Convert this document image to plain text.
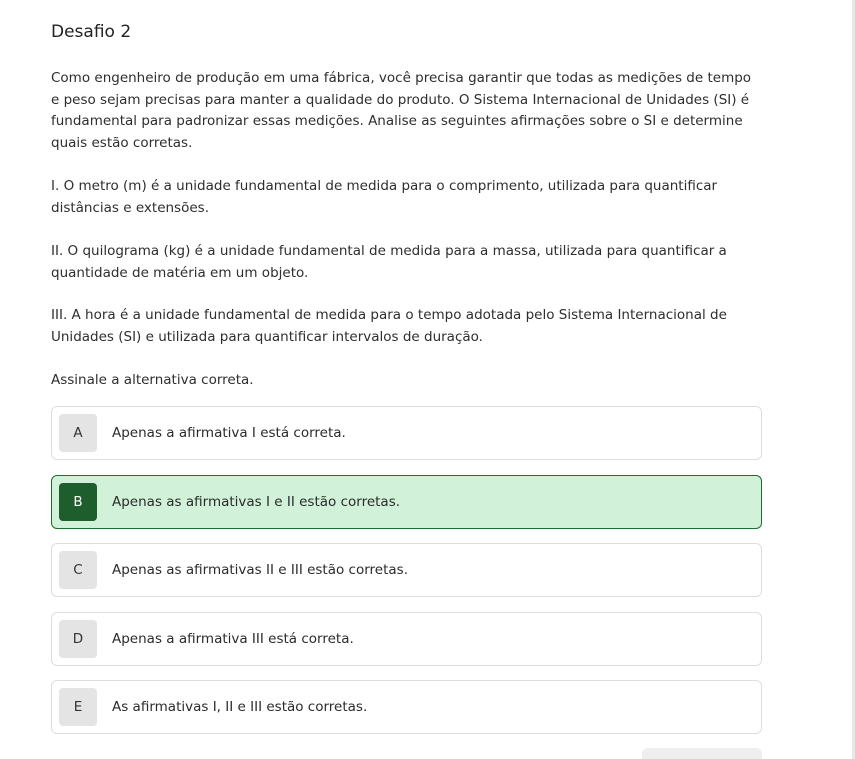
Desafio 2

Como engenheiro de produção em uma fábrica, você precisa garantir que todas as medições de tempo e peso sejam precisas para manter a qualidade do produto. O Sistema Internacional de Unidades (SI) é fundamental para padronizar essas medições. Analise as seguintes afirmações sobre o SI e determine quais estão corretas.

I. O metro (m) é a unidade fundamental de medida para o comprimento, utilizada para quantificar distâncias e extensões.

II. O quilograma (kg) é a unidade fundamental de medida para a massa, utilizada para quantificar a quantidade de matéria em um objeto.

III. A hora é a unidade fundamental de medida para o tempo adotada pelo Sistema Internacional de Unidades (SI) e utilizada para quantificar intervalos de duração.

Assinale a alternativa correta.

A	Apenas a afirmativa I está correta.
B	Apenas as afirmativas I e II estão corretas.
C	Apenas as afirmativas II e III estão corretas.
D	Apenas a afirmativa III está correta.
E	As afirmativas I, II e III estão corretas.
